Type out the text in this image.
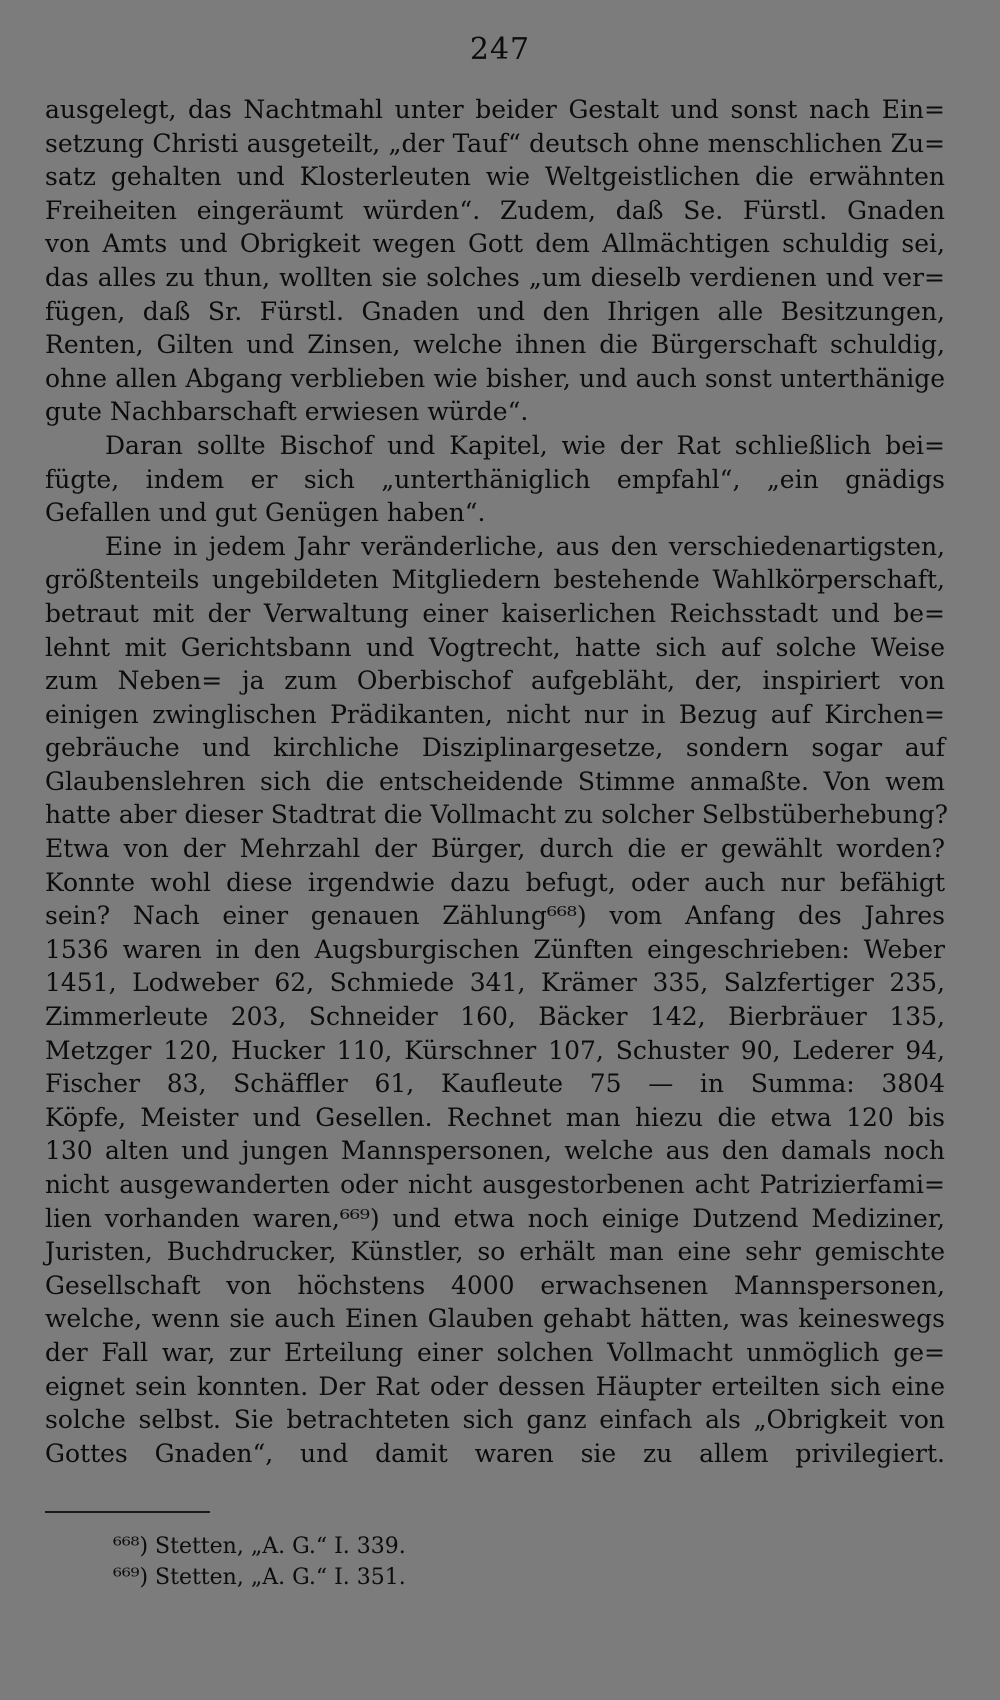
247
ausgelegt, das Nachtmahl unter beider Gestalt und sonst nach Ein=
setzung Christi ausgeteilt, „der Tauf“ deutsch ohne menschlichen Zu=
satz gehalten und Klosterleuten wie Weltgeistlichen die erwähnten
Freiheiten eingeräumt würden“. Zudem, daß Se. Fürstl. Gnaden
von Amts und Obrigkeit wegen Gott dem Allmächtigen schuldig sei,
das alles zu thun, wollten sie solches „um dieselb verdienen und ver=
fügen, daß Sr. Fürstl. Gnaden und den Ihrigen alle Besitzungen,
Renten, Gilten und Zinsen, welche ihnen die Bürgerschaft schuldig,
ohne allen Abgang verblieben wie bisher, und auch sonst unterthänige
gute Nachbarschaft erwiesen würde“.
Daran sollte Bischof und Kapitel, wie der Rat schließlich bei=
fügte, indem er sich „unterthäniglich empfahl“, „ein gnädigs
Gefallen und gut Genügen haben“.
Eine in jedem Jahr veränderliche, aus den verschiedenartigsten,
größtenteils ungebildeten Mitgliedern bestehende Wahlkörperschaft,
betraut mit der Verwaltung einer kaiserlichen Reichsstadt und be=
lehnt mit Gerichtsbann und Vogtrecht, hatte sich auf solche Weise
zum Neben= ja zum Oberbischof aufgebläht, der, inspiriert von
einigen zwinglischen Prädikanten, nicht nur in Bezug auf Kirchen=
gebräuche und kirchliche Disziplinargesetze, sondern sogar auf
Glaubenslehren sich die entscheidende Stimme anmaßte. Von wem
hatte aber dieser Stadtrat die Vollmacht zu solcher Selbstüberhebung?
Etwa von der Mehrzahl der Bürger, durch die er gewählt worden?
Konnte wohl diese irgendwie dazu befugt, oder auch nur befähigt
sein? Nach einer genauen Zählung⁶⁶⁸) vom Anfang des Jahres
1536 waren in den Augsburgischen Zünften eingeschrieben: Weber
1451, Lodweber 62, Schmiede 341, Krämer 335, Salzfertiger 235,
Zimmerleute 203, Schneider 160, Bäcker 142, Bierbräuer 135,
Metzger 120, Hucker 110, Kürschner 107, Schuster 90, Lederer 94,
Fischer 83, Schäffler 61, Kaufleute 75 — in Summa: 3804
Köpfe, Meister und Gesellen. Rechnet man hiezu die etwa 120 bis
130 alten und jungen Mannspersonen, welche aus den damals noch
nicht ausgewanderten oder nicht ausgestorbenen acht Patrizierfami=
lien vorhanden waren,⁶⁶⁹) und etwa noch einige Dutzend Mediziner,
Juristen, Buchdrucker, Künstler, so erhält man eine sehr gemischte
Gesellschaft von höchstens 4000 erwachsenen Mannspersonen,
welche, wenn sie auch Einen Glauben gehabt hätten, was keineswegs
der Fall war, zur Erteilung einer solchen Vollmacht unmöglich ge=
eignet sein konnten. Der Rat oder dessen Häupter erteilten sich eine
solche selbst. Sie betrachteten sich ganz einfach als „Obrigkeit von
Gottes Gnaden“, und damit waren sie zu allem privilegiert.
⁶⁶⁸) Stetten, „A. G.“ I. 339.
⁶⁶⁹) Stetten, „A. G.“ I. 351.
